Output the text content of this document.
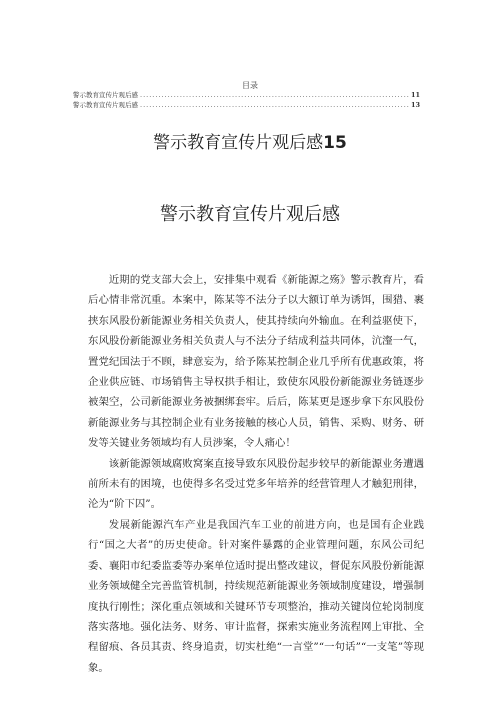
目录
警示教育宣传片观后感 .....	11
警示教育宣传片观后感 .....	13
警示教育宣传片观后感15
警示教育宣传片观后感

近期的党支部大会上，安排集中观看《新能源之殇》警示教育片，看后心情非常沉重。本案中，陈某等不法分子以大额订单为诱饵，围猎、裹挟东风股份新能源业务相关负责人，使其持续向外输血。在利益驱使下，东风股份新能源业务相关负责人与不法分子结成利益共同体，沆瀣一气，置党纪国法于不顾，肆意妄为，给予陈某控制企业几乎所有优惠政策，将企业供应链、市场销售主导权拱手相让，致使东风股份新能源业务链逐步被架空，公司新能源业务被捆绑套牢。后后，陈某更是逐步拿下东风股份新能源业务与其控制企业有业务接触的核心人员，销售、采购、财务、研发等关键业务领域均有人员涉案，令人痛心！

该新能源领域腐败窝案直接导致东风股份起步较早的新能源业务遭遇前所未有的困境，也使得多名受过党多年培养的经营管理人才触犯刑律，沦为“阶下囚”。

发展新能源汽车产业是我国汽车工业的前进方向，也是国有企业践行“国之大者”的历史使命。针对案件暴露的企业管理问题，东风公司纪委、襄阳市纪委监委等办案单位适时提出整改建议，督促东风股份新能源业务领域健全完善监管机制，持续规范新能源业务领域制度建设，增强制度执行刚性；深化重点领域和关键环节专项整治，推动关键岗位轮岗制度落实落地。强化法务、财务、审计监督，探索实施业务流程网上审批、全程留痕、各员其责、终身追责，切实杜绝“一言堂”“一句话”“一支笔”等现象。
